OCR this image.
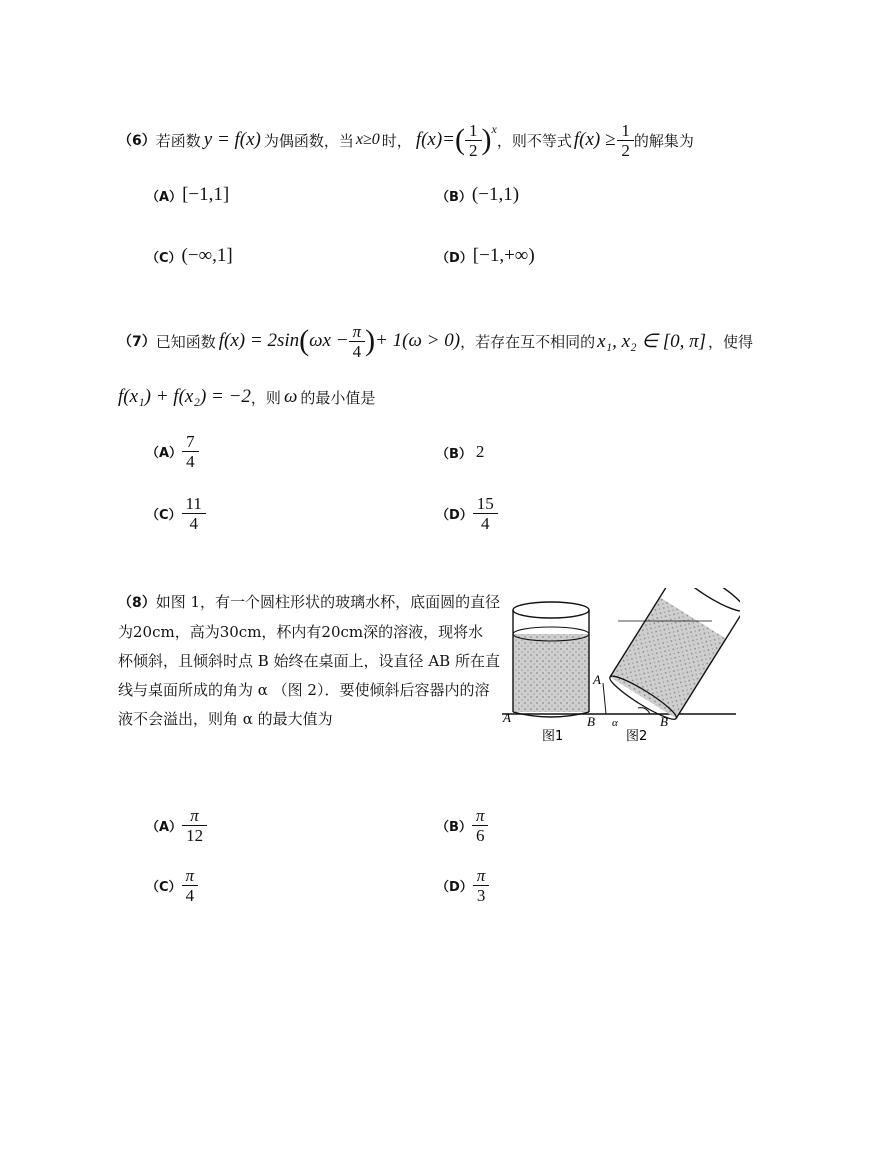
（6） 若函数 y = f(x) 为偶函数，当 x≥0 时， f(x)= ( $\frac{1}{2}$ ) x
，则不等式 $f(x) \ge \frac{1}{2}$ 的解集为
（A） [−1,1]	（B） (−1,1)
（C） (−∞,1]	（D） [−1,+∞)
（7） 已知函数 f(x) = 2sin ( $\omega x - \frac{\pi}{4}$ ) + 1(ω > 0) ，若存在互不相同的 x₁, x₂ ∈ [0, π] ，使得
f(x₁) + f(x₂) = −2 ，则 ω 的最小值是
$(A) \frac{7}{4}$	（B） 2
$(C) \frac{11}{4}$	$(D) \frac{15}{4}$
（8）如图 1，有一个圆柱形状的玻璃水杯，底面圆的直径
为20cm，高为30cm，杯内有20cm深的溶液，现将水
杯倾斜，且倾斜时点 B 始终在桌面上，设直径 AB 所在直
线与桌面所成的角为 α （图 2）．要使倾斜后容器内的溶
液不会溢出，则角 α 的最大值为	A	B
A
B
α
图1	图2
$(A) \frac{\pi}{12}$	$(B) \frac{\pi}{6}$
$(C) \frac{\pi}{4}$	$(D) \frac{\pi}{3}$
